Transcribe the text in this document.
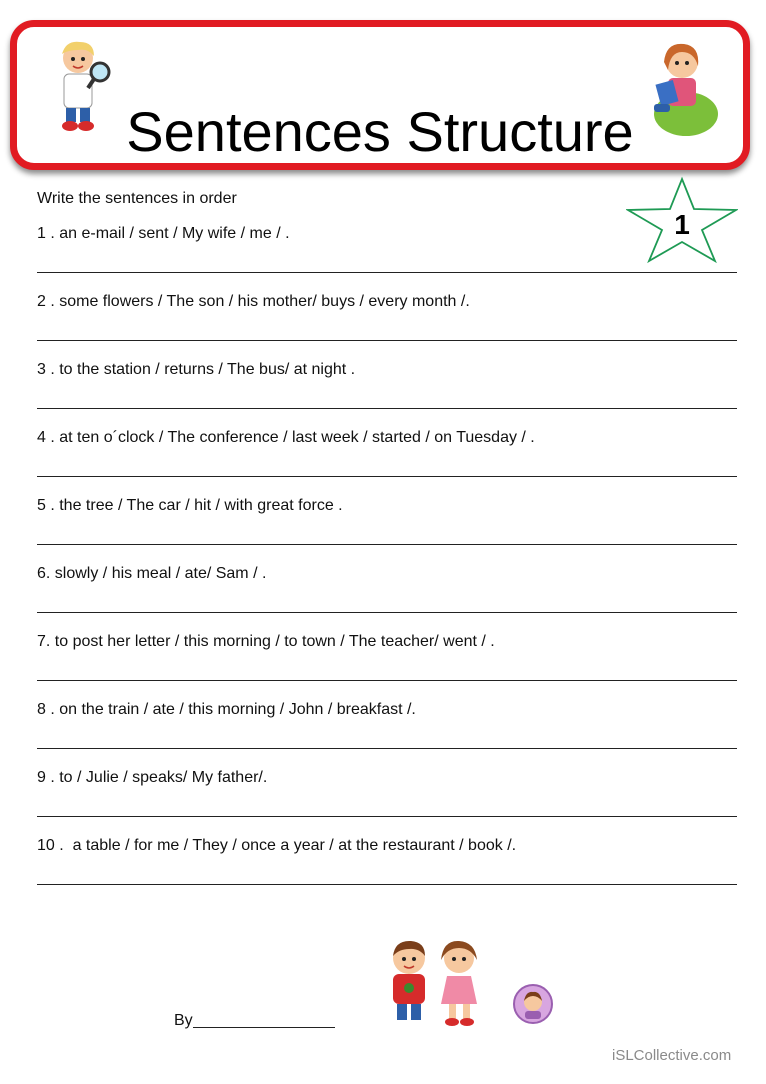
Sentences Structure
1
Write the sentences in order
1 . an e-mail / sent / My wife / me / .
2 . some flowers / The son / his mother/ buys / every month /.
3 . to the station / returns / The bus/ at night .
4 . at ten o´clock / The conference / last week / started / on Tuesday / .
5 . the tree / The car / hit / with great force .
6. slowly / his meal / ate/ Sam / .
7. to post her letter / this morning / to town / The teacher/ went / .
8 . on the train / ate / this morning / John / breakfast /.
9 . to / Julie / speaks/ My father/.
10 .  a table / for me / They / once a year / at the restaurant / book /.
By
iSLCollective.com
